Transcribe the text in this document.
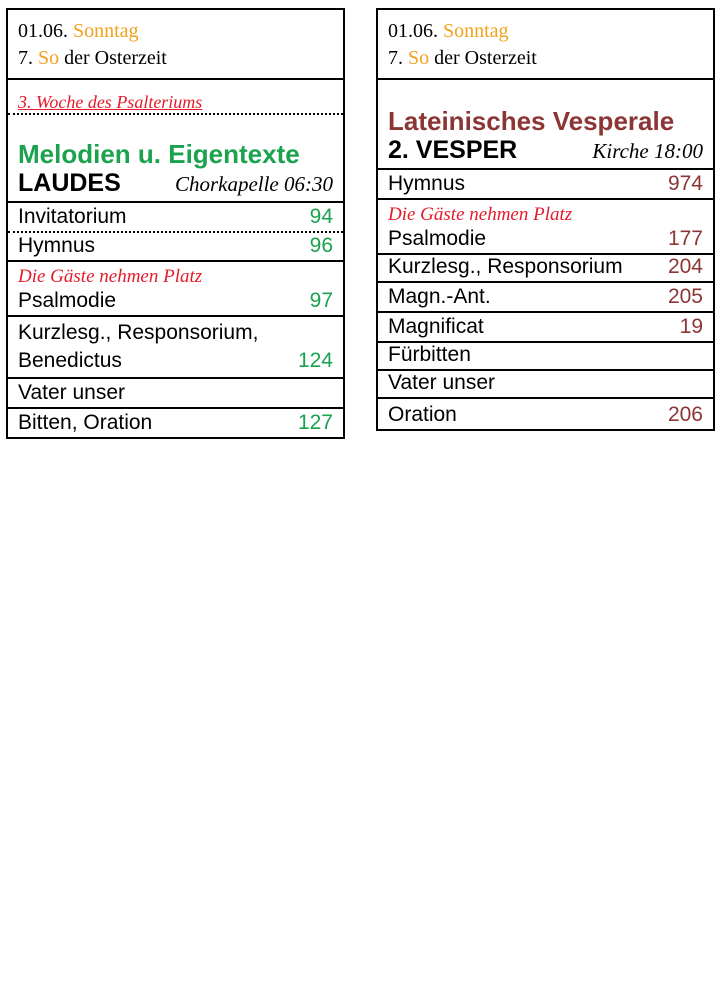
01.06. Sonntag
7. So der Osterzeit
3. Woche des Psalteriums
Melodien u. Eigentexte
LAUDES	Chorkapelle 06:30
Invitatorium	94
Hymnus	96
Die Gäste nehmen Platz
Psalmodie	97
Kurzlesg., Responsorium,
Benedictus	124
Vater unser
Bitten, Oration	127
01.06. Sonntag
7. So der Osterzeit
Lateinisches Vesperale
2. VESPER	Kirche 18:00
Hymnus	974
Die Gäste nehmen Platz
Psalmodie	177
Kurzlesg., Responsorium 204
Magn.-Ant.	205
Magnificat	19
Fürbitten
Vater unser
Oration	206
